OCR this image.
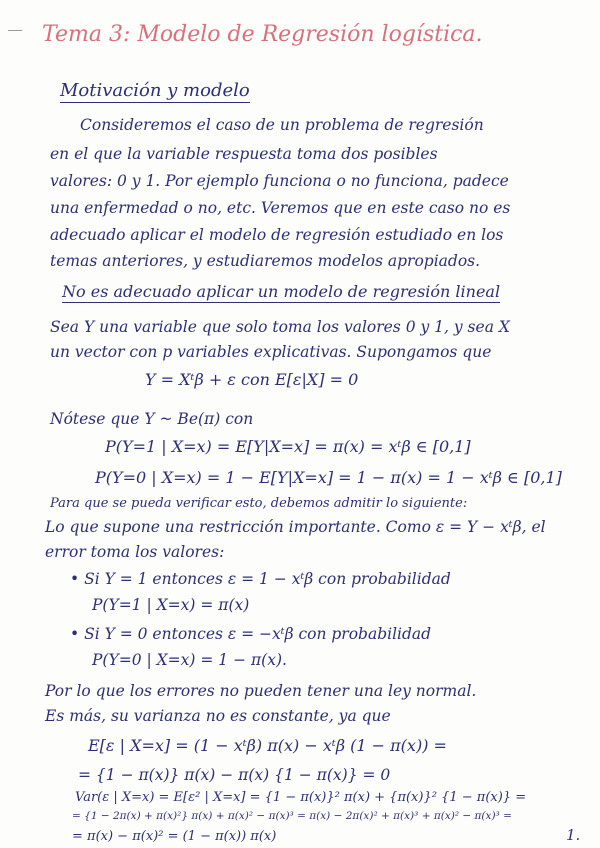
Tema 3: Modelo de Regresión logística.
Motivación y modelo
Consideremos el caso de un problema de regresión
en el que la variable respuesta toma dos posibles
valores: 0 y 1. Por ejemplo funciona o no funciona, padece
una enfermedad o no, etc. Veremos que en este caso no es
adecuado aplicar el modelo de regresión estudiado en los
temas anteriores, y estudiaremos modelos apropiados.
No es adecuado aplicar un modelo de regresión lineal
Sea Y una variable que solo toma los valores 0 y 1, y sea X
un vector con p variables explicativas. Supongamos que
Y = Xᵗβ + ε con E[ε|X] = 0
Nótese que Y ~ Be(π) con
P(Y=1 | X=x) = E[Y|X=x] = π(x) = xᵗβ ∈ [0,1]
P(Y=0 | X=x) = 1 − E[Y|X=x] = 1 − π(x) = 1 − xᵗβ ∈ [0,1]
Para que se pueda verificar esto, debemos admitir lo siguiente:
Lo que supone una restricción importante. Como ε = Y − xᵗβ, el
error toma los valores:
• Si Y = 1 entonces ε = 1 − xᵗβ con probabilidad
P(Y=1 | X=x) = π(x)
• Si Y = 0 entonces ε = −xᵗβ con probabilidad
P(Y=0 | X=x) = 1 − π(x).
Por lo que los errores no pueden tener una ley normal.
Es más, su varianza no es constante, ya que
E[ε | X=x] = (1 − xᵗβ) π(x) − xᵗβ (1 − π(x)) =
= {1 − π(x)} π(x) − π(x) {1 − π(x)} = 0
Var(ε | X=x) = E[ε² | X=x] = {1 − π(x)}² π(x) + {π(x)}² {1 − π(x)} =
= {1 − 2π(x) + π(x)²} π(x) + π(x)² − π(x)³ = π(x) − 2π(x)² + π(x)³ + π(x)² − π(x)³ =
= π(x) − π(x)² = (1 − π(x)) π(x)	1.
